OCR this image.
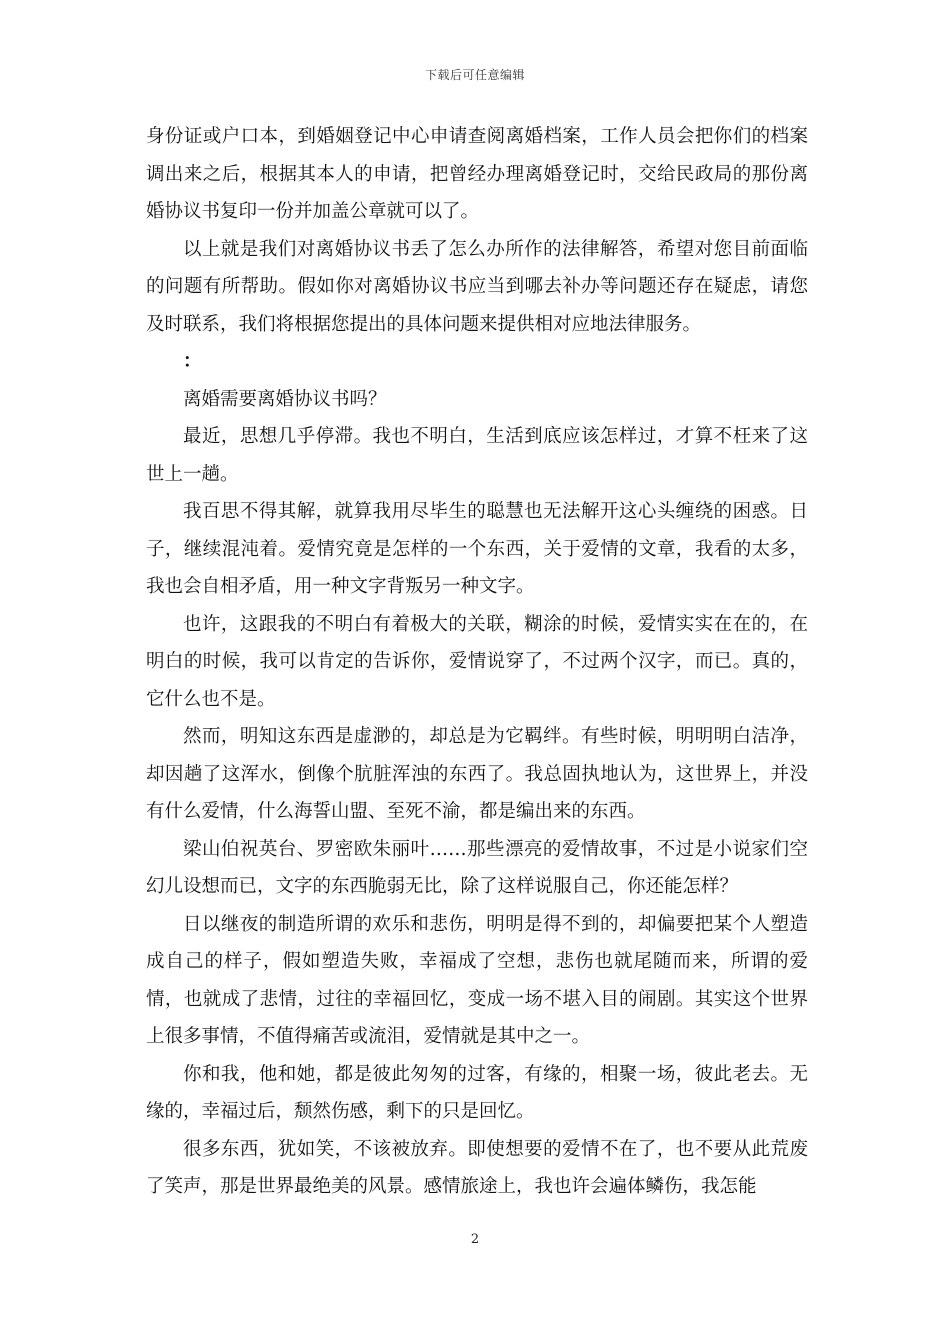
下载后可任意编辑

身份证或户口本，到婚姻登记中心申请查阅离婚档案，工作人员会把你们的档案调出来之后，根据其本人的申请，把曾经办理离婚登记时，交给民政局的那份离婚协议书复印一份并加盖公章就可以了。

以上就是我们对离婚协议书丢了怎么办所作的法律解答，希望对您目前面临的问题有所帮助。假如你对离婚协议书应当到哪去补办等问题还存在疑虑，请您及时联系，我们将根据您提出的具体问题来提供相对应地法律服务。

：

离婚需要离婚协议书吗？

最近，思想几乎停滞。我也不明白，生活到底应该怎样过，才算不枉来了这世上一趟。

我百思不得其解，就算我用尽毕生的聪慧也无法解开这心头缠绕的困惑。日子，继续混沌着。爱情究竟是怎样的一个东西，关于爱情的文章，我看的太多，我也会自相矛盾，用一种文字背叛另一种文字。

也许，这跟我的不明白有着极大的关联，糊涂的时候，爱情实实在在的，在明白的时候，我可以肯定的告诉你，爱情说穿了，不过两个汉字，而已。真的，它什么也不是。

然而，明知这东西是虚渺的，却总是为它羁绊。有些时候，明明明白洁净，却因趟了这浑水，倒像个肮脏浑浊的东西了。我总固执地认为，这世界上，并没有什么爱情，什么海誓山盟、至死不渝，都是编出来的东西。

梁山伯祝英台、罗密欧朱丽叶……那些漂亮的爱情故事，不过是小说家们空幻儿设想而已，文字的东西脆弱无比，除了这样说服自己，你还能怎样？

日以继夜的制造所谓的欢乐和悲伤，明明是得不到的，却偏要把某个人塑造成自己的样子，假如塑造失败，幸福成了空想，悲伤也就尾随而来，所谓的爱情，也就成了悲情，过往的幸福回忆，变成一场不堪入目的闹剧。其实这个世界上很多事情，不值得痛苦或流泪，爱情就是其中之一。

你和我，他和她，都是彼此匆匆的过客，有缘的，相聚一场，彼此老去。无缘的，幸福过后，颓然伤感，剩下的只是回忆。

很多东西，犹如笑，不该被放弃。即使想要的爱情不在了，也不要从此荒废了笑声，那是世界最绝美的风景。感情旅途上，我也许会遍体鳞伤，我怎能

2
